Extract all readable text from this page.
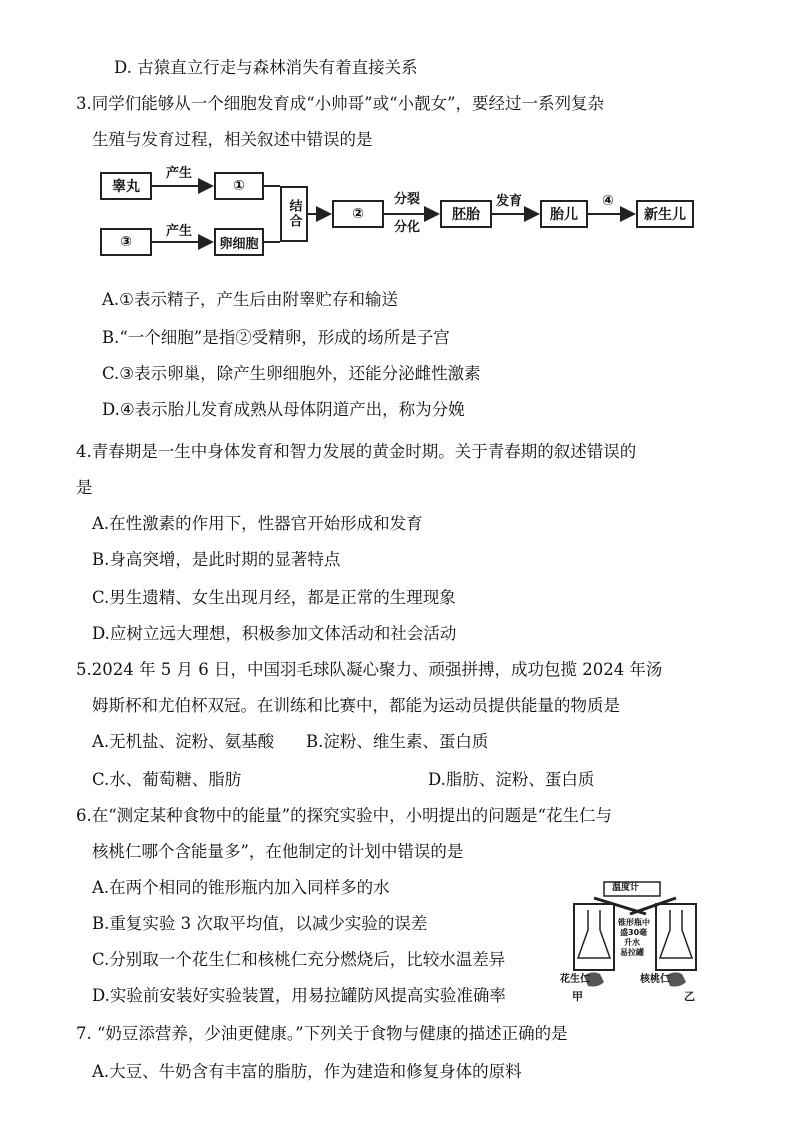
D. 古猿直立行走与森林消失有着直接关系
3.同学们能够从一个细胞发育成“小帅哥”或“小靓女”，要经过一系列复杂
生殖与发育过程，相关叙述中错误的是
睾丸
产生
①
③
产生
卵细胞
结合	②
分裂
分化
胚胎
发育
胎儿
④
新生儿
A.①表示精子，产生后由附睾贮存和输送
B.“一个细胞”是指②受精卵，形成的场所是子宫
C.③表示卵巢，除产生卵细胞外，还能分泌雌性激素
D.④表示胎儿发育成熟从母体阴道产出，称为分娩
4.青春期是一生中身体发育和智力发展的黄金时期。关于青春期的叙述错误的
是
A.在性激素的作用下，性器官开始形成和发育
B.身高突增，是此时期的显著特点
C.男生遗精、女生出现月经，都是正常的生理现象
D.应树立远大理想，积极参加文体活动和社会活动
5.2024 年 5 月 6 日，中国羽毛球队凝心聚力、顽强拼搏，成功包揽 2024 年汤
姆斯杯和尤伯杯双冠。在训练和比赛中，都能为运动员提供能量的物质是
A.无机盐、淀粉、氨基酸 B.淀粉、维生素、蛋白质
C.水、葡萄糖、脂肪	D.脂肪、淀粉、蛋白质
6.在“测定某种食物中的能量”的探究实验中，小明提出的问题是“花生仁与
核桃仁哪个含能量多”，在他制定的计划中错误的是
A.在两个相同的锥形瓶内加入同样多的水
B.重复实验 3 次取平均值，以减少实验的误差
C.分别取一个花生仁和核桃仁充分燃烧后，比较水温差异
D.实验前安装好实验装置，用易拉罐防风提高实验准确率
温度计
锥形瓶中
盛30毫
升水
易拉罐
花生仁	核桃仁
甲	乙
7. “奶豆添营养，少油更健康。”下列关于食物与健康的描述正确的是
A.大豆、牛奶含有丰富的脂肪，作为建造和修复身体的原料
